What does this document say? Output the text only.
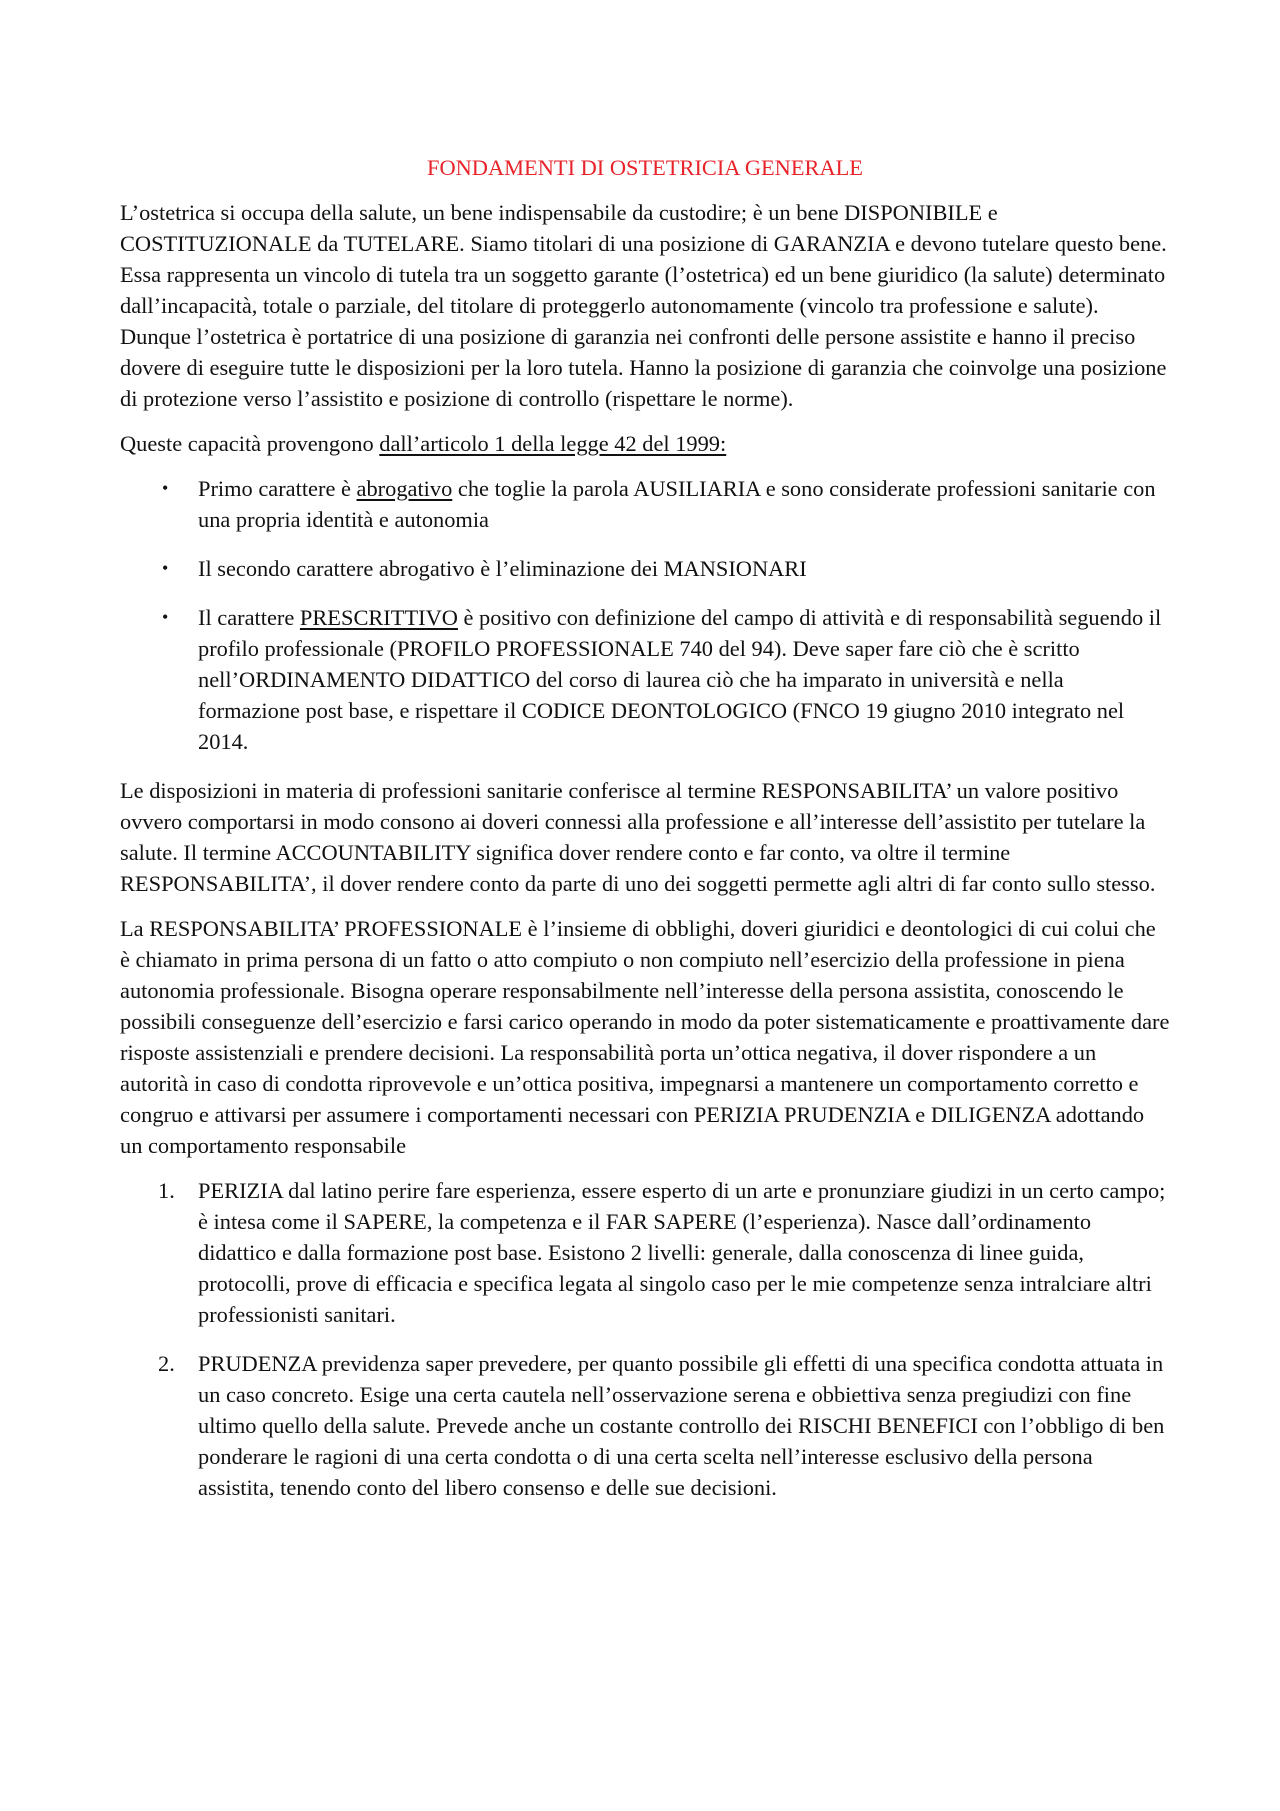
FONDAMENTI DI OSTETRICIA GENERALE

L’ostetrica si occupa della salute, un bene indispensabile da custodire; è un bene DISPONIBILE e COSTITUZIONALE da TUTELARE. Siamo titolari di una posizione di GARANZIA e devono tutelare questo bene. Essa rappresenta un vincolo di tutela tra un soggetto garante (l’ostetrica) ed un bene giuridico (la salute) determinato dall’incapacità, totale o parziale, del titolare di proteggerlo autonomamente (vincolo tra professione e salute). Dunque l’ostetrica è portatrice di una posizione di garanzia nei confronti delle persone assistite e hanno il preciso dovere di eseguire tutte le disposizioni per la loro tutela. Hanno la posizione di garanzia che coinvolge una posizione di protezione verso l’assistito e posizione di controllo (rispettare le norme).

Queste capacità provengono dall’articolo 1 della legge 42 del 1999:

• Primo carattere è abrogativo che toglie la parola AUSILIARIA e sono considerate professioni sanitarie con una propria identità e autonomia
• Il secondo carattere abrogativo è l’eliminazione dei MANSIONARI
• Il carattere PRESCRITTIVO è positivo con definizione del campo di attività e di responsabilità seguendo il profilo professionale (PROFILO PROFESSIONALE 740 del 94). Deve saper fare ciò che è scritto nell’ORDINAMENTO DIDATTICO del corso di laurea ciò che ha imparato in università e nella formazione post base, e rispettare il CODICE DEONTOLOGICO (FNCO 19 giugno 2010 integrato nel 2014.

Le disposizioni in materia di professioni sanitarie conferisce al termine RESPONSABILITA’ un valore positivo ovvero comportarsi in modo consono ai doveri connessi alla professione e all’interesse dell’assistito per tutelare la salute. Il termine ACCOUNTABILITY significa dover rendere conto e far conto, va oltre il termine RESPONSABILITA’, il dover rendere conto da parte di uno dei soggetti permette agli altri di far conto sullo stesso.

La RESPONSABILITA’ PROFESSIONALE è l’insieme di obblighi, doveri giuridici e deontologici di cui colui che è chiamato in prima persona di un fatto o atto compiuto o non compiuto nell’esercizio della professione in piena autonomia professionale. Bisogna operare responsabilmente nell’interesse della persona assistita, conoscendo le possibili conseguenze dell’esercizio e farsi carico operando in modo da poter sistematicamente e proattivamente dare risposte assistenziali e prendere decisioni. La responsabilità porta un’ottica negativa, il dover rispondere a un autorità in caso di condotta riprovevole e un’ottica positiva, impegnarsi a mantenere un comportamento corretto e congruo e attivarsi per assumere i comportamenti necessari con PERIZIA PRUDENZIA e DILIGENZA adottando un comportamento responsabile

1. PERIZIA dal latino perire fare esperienza, essere esperto di un arte e pronunziare giudizi in un certo campo; è intesa come il SAPERE, la competenza e il FAR SAPERE (l’esperienza). Nasce dall’ordinamento didattico e dalla formazione post base. Esistono 2 livelli: generale, dalla conoscenza di linee guida, protocolli, prove di efficacia e specifica legata al singolo caso per le mie competenze senza intralciare altri professionisti sanitari.
2. PRUDENZA previdenza saper prevedere, per quanto possibile gli effetti di una specifica condotta attuata in un caso concreto. Esige una certa cautela nell’osservazione serena e obbiettiva senza pregiudizi con fine ultimo quello della salute. Prevede anche un costante controllo dei RISCHI BENEFICI con l’obbligo di ben ponderare le ragioni di una certa condotta o di una certa scelta nell’interesse esclusivo della persona assistita, tenendo conto del libero consenso e delle sue decisioni.
